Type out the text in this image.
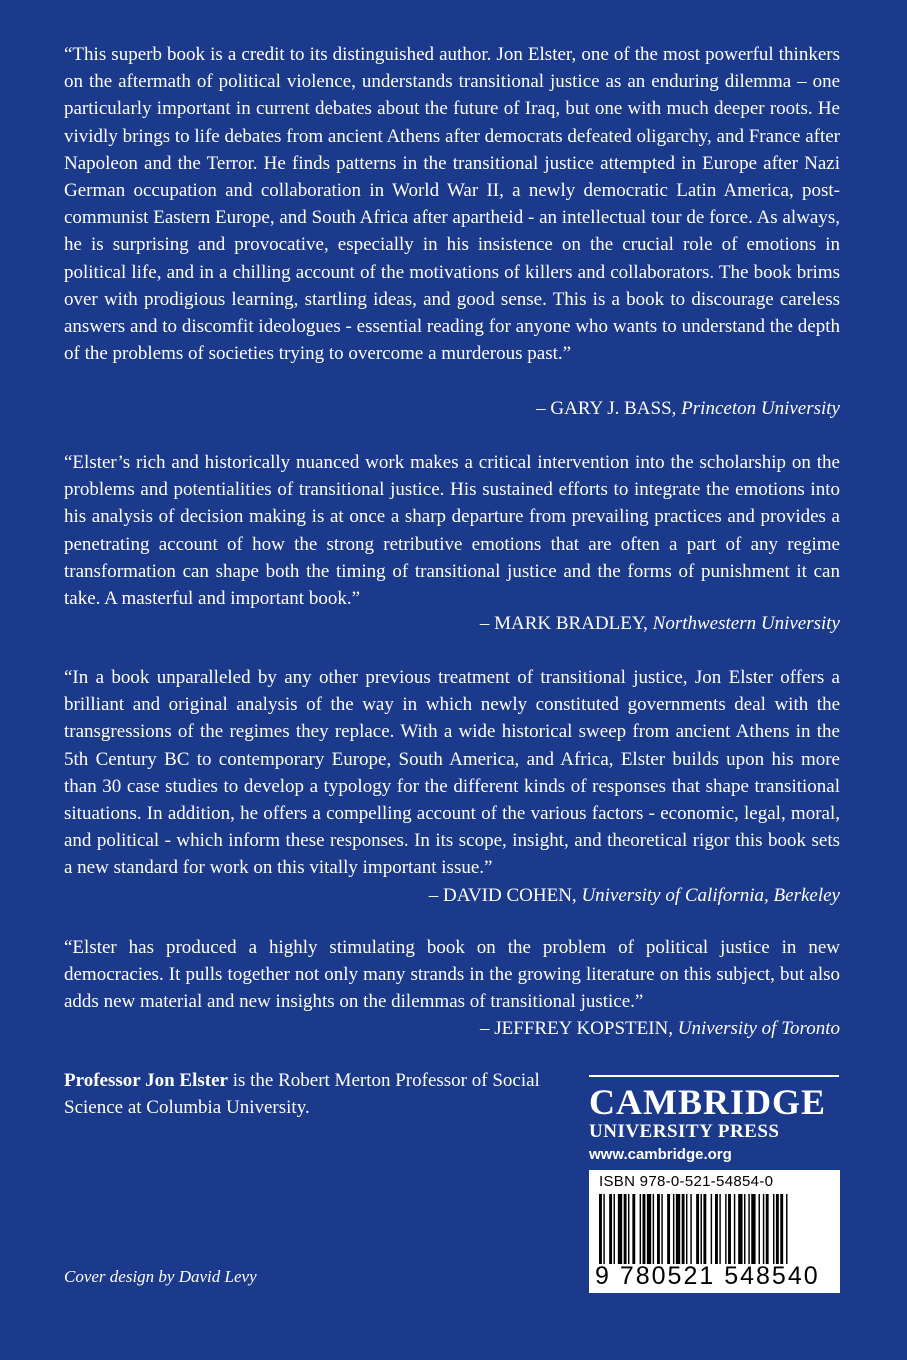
“This superb book is a credit to its distinguished author. Jon Elster, one of the most powerful thinkers on the aftermath of political violence, understands transitional justice as an enduring dilemma – one particularly important in current debates about the future of Iraq, but one with much deeper roots. He vividly brings to life debates from ancient Athens after democrats defeated oligarchy, and France after Napoleon and the Terror. He finds patterns in the transitional justice attempted in Europe after Nazi German occupation and collaboration in World War II, a newly democratic Latin America, post-communist Eastern Europe, and South Africa after apartheid - an intellectual tour de force. As always, he is surprising and provocative, especially in his insistence on the crucial role of emotions in political life, and in a chilling account of the motivations of killers and collaborators. The book brims over with prodigious learning, startling ideas, and good sense. This is a book to discourage careless answers and to discomfit ideologues - essential reading for anyone who wants to understand the depth of the problems of societies trying to overcome a murderous past.”

– GARY J. BASS, Princeton University

“Elster’s rich and historically nuanced work makes a critical intervention into the scholarship on the problems and potentialities of transitional justice. His sustained efforts to integrate the emotions into his analysis of decision making is at once a sharp departure from prevailing practices and provides a penetrating account of how the strong retributive emotions that are often a part of any regime transformation can shape both the timing of transitional justice and the forms of punishment it can take. A masterful and important book.”

– MARK BRADLEY, Northwestern University

“In a book unparalleled by any other previous treatment of transitional justice, Jon Elster offers a brilliant and original analysis of the way in which newly constituted governments deal with the transgressions of the regimes they replace. With a wide historical sweep from ancient Athens in the 5th Century BC to contemporary Europe, South America, and Africa, Elster builds upon his more than 30 case studies to develop a typology for the different kinds of responses that shape transitional situations. In addition, he offers a compelling account of the various factors - economic, legal, moral, and political - which inform these responses. In its scope, insight, and theoretical rigor this book sets a new standard for work on this vitally important issue.”

– DAVID COHEN, University of California, Berkeley

“Elster has produced a highly stimulating book on the problem of political justice in new democracies. It pulls together not only many strands in the growing literature on this subject, but also adds new material and new insights on the dilemmas of transitional justice.”

– JEFFREY KOPSTEIN, University of Toronto

Professor Jon Elster is the Robert Merton Professor of Social Science at Columbia University.

Cover design by David Levy
CAMBRIDGE
UNIVERSITY PRESS
www.cambridge.org
ISBN 978-0-521-54854-0
9 780521 548540
